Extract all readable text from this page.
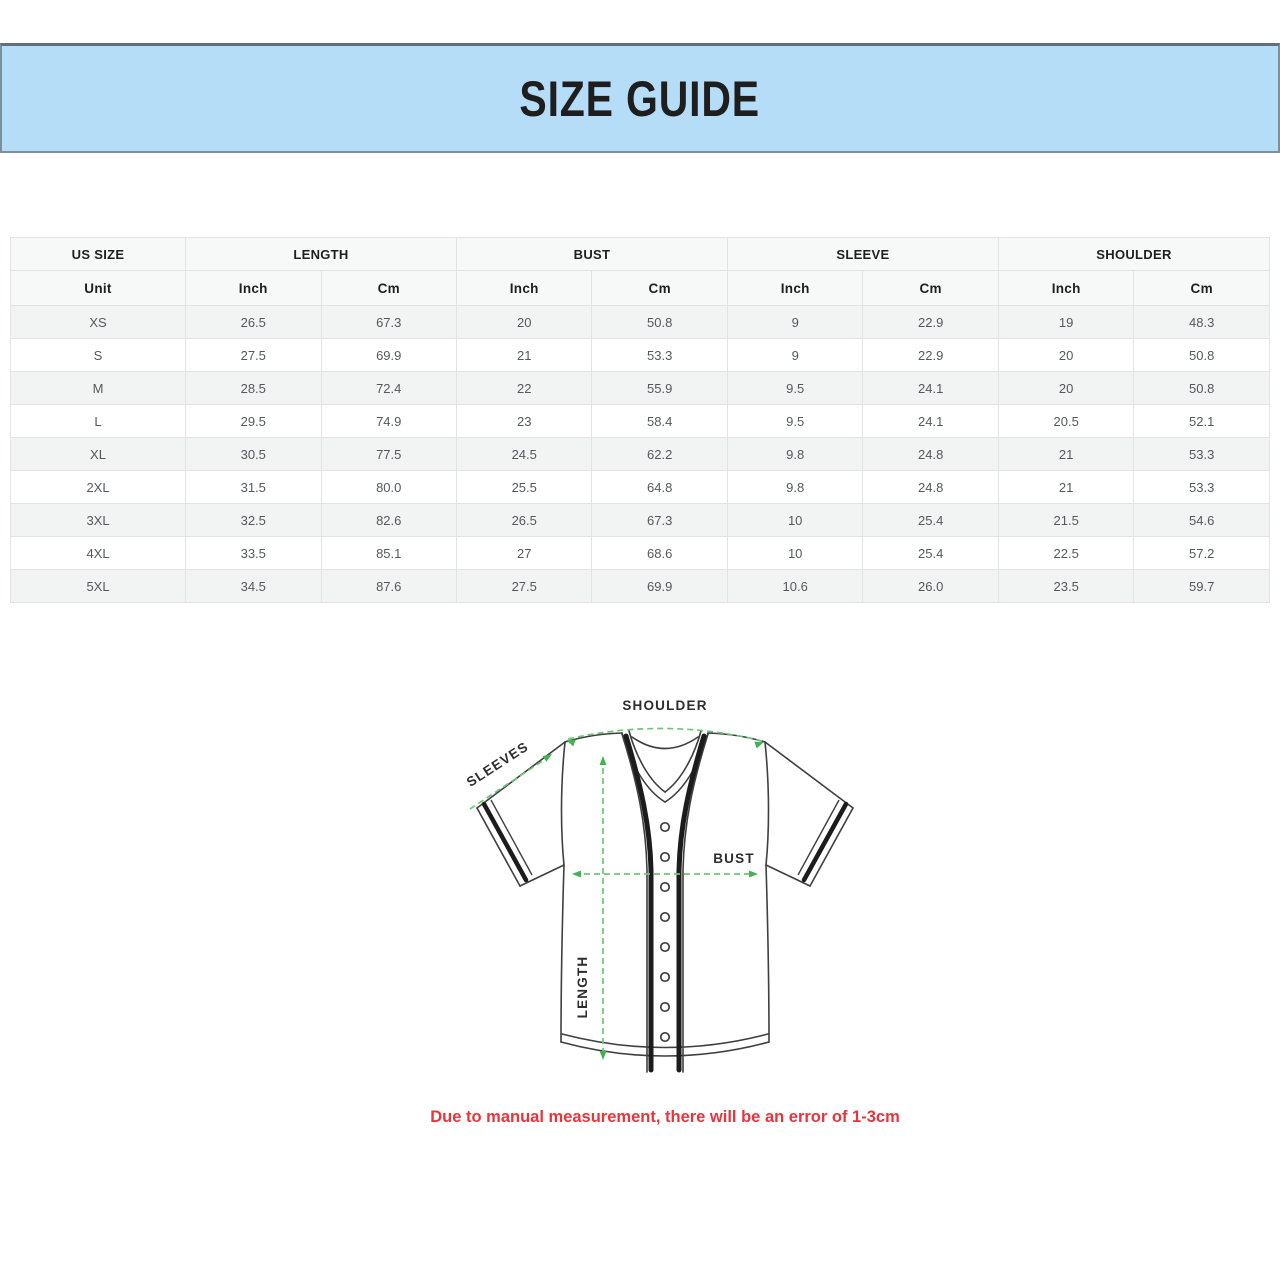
SIZE GUIDE
US SIZE	LENGTH		BUST		SLEEVE		SHOULDER	
Unit	Inch	Cm	Inch	Cm	Inch	Cm	Inch	Cm
XS	26.5	67.3	20	50.8	9	22.9	19	48.3
S	27.5	69.9	21	53.3	9	22.9	20	50.8
M	28.5	72.4	22	55.9	9.5	24.1	20	50.8
L	29.5	74.9	23	58.4	9.5	24.1	20.5	52.1
XL	30.5	77.5	24.5	62.2	9.8	24.8	21	53.3
2XL	31.5	80.0	25.5	64.8	9.8	24.8	21	53.3
3XL	32.5	82.6	26.5	67.3	10	25.4	21.5	54.6
4XL	33.5	85.1	27	68.6	10	25.4	22.5	57.2
5XL	34.5	87.6	27.5	69.9	10.6	26.0	23.5	59.7
SHOULDER
SLEEVES
BUST
LENGTH
Due to manual measurement, there will be an error of 1-3cm
